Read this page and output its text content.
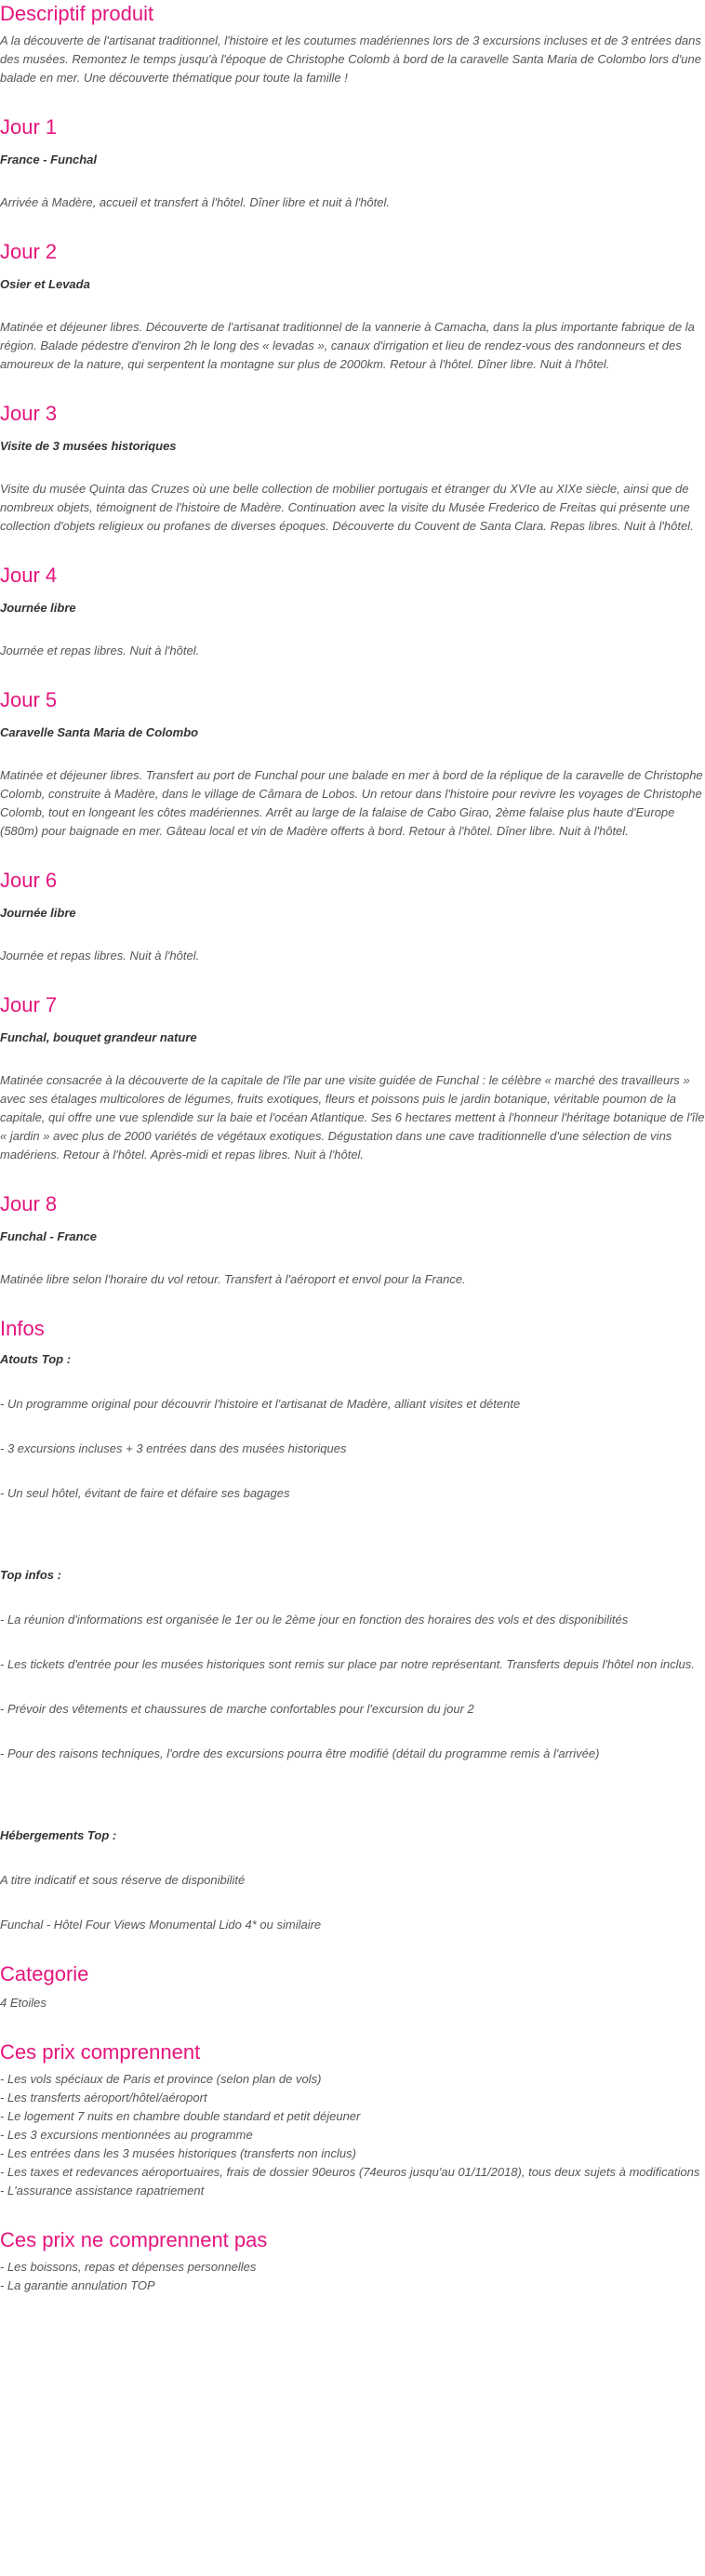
Descriptif produit

A la découverte de l'artisanat traditionnel, l'histoire et les coutumes madériennes lors de 3 excursions incluses et de 3 entrées dans des musées. Remontez le temps jusqu'à l'époque de Christophe Colomb à bord de la caravelle Santa Maria de Colombo lors d'une balade en mer. Une découverte thématique pour toute la famille !

Jour 1

France - Funchal

Arrivée à Madère, accueil et transfert à l'hôtel. Dîner libre et nuit à l'hôtel.

Jour 2

Osier et Levada

Matinée et déjeuner libres. Découverte de l'artisanat traditionnel de la vannerie à Camacha, dans la plus importante fabrique de la région. Balade pédestre d'environ 2h le long des « levadas », canaux d'irrigation et lieu de rendez-vous des randonneurs et des amoureux de la nature, qui serpentent la montagne sur plus de 2000km. Retour à l'hôtel. Dîner libre. Nuit à l'hôtel.

Jour 3

Visite de 3 musées historiques

Visite du musée Quinta das Cruzes où une belle collection de mobilier portugais et étranger du XVIe au XIXe siècle, ainsi que de nombreux objets, témoignent de l'histoire de Madère. Continuation avec la visite du Musée Frederico de Freitas qui présente une collection d'objets religieux ou profanes de diverses époques. Découverte du Couvent de Santa Clara. Repas libres. Nuit à l'hôtel.

Jour 4

Journée libre

Journée et repas libres. Nuit à l'hôtel.

Jour 5

Caravelle Santa Maria de Colombo

Matinée et déjeuner libres. Transfert au port de Funchal pour une balade en mer à bord de la réplique de la caravelle de Christophe Colomb, construite à Madère, dans le village de Câmara de Lobos. Un retour dans l'histoire pour revivre les voyages de Christophe Colomb, tout en longeant les côtes madériennes. Arrêt au large de la falaise de Cabo Girao, 2ème falaise plus haute d'Europe (580m) pour baignade en mer. Gâteau local et vin de Madère offerts à bord. Retour à l'hôtel. Dîner libre. Nuit à l'hôtel.

Jour 6

Journée libre

Journée et repas libres. Nuit à l'hôtel.

Jour 7

Funchal, bouquet grandeur nature

Matinée consacrée à la découverte de la capitale de l'île par une visite guidée de Funchal : le célèbre « marché des travailleurs » avec ses étalages multicolores de légumes, fruits exotiques, fleurs et poissons puis le jardin botanique, véritable poumon de la capitale, qui offre une vue splendide sur la baie et l'océan Atlantique. Ses 6 hectares mettent à l'honneur l'héritage botanique de l'île « jardin » avec plus de 2000 variétés de végétaux exotiques. Dégustation dans une cave traditionnelle d'une sélection de vins madériens. Retour à l'hôtel. Après-midi et repas libres. Nuit à l'hôtel.

Jour 8

Funchal - France

Matinée libre selon l'horaire du vol retour. Transfert à l'aéroport et envol pour la France.

Infos

Atouts Top :

- Un programme original pour découvrir l'histoire et l'artisanat de Madère, alliant visites et détente

- 3 excursions incluses + 3 entrées dans des musées historiques

- Un seul hôtel, évitant de faire et défaire ses bagages

Top infos :

- La réunion d'informations est organisée le 1er ou le 2ème jour en fonction des horaires des vols et des disponibilités

- Les tickets d'entrée pour les musées historiques sont remis sur place par notre représentant. Transferts depuis l'hôtel non inclus.

- Prévoir des vêtements et chaussures de marche confortables pour l'excursion du jour 2

- Pour des raisons techniques, l'ordre des excursions pourra être modifié (détail du programme remis à l'arrivée)

Hébergements Top :

A titre indicatif et sous réserve de disponibilité

Funchal - Hôtel Four Views Monumental Lido 4* ou similaire

Categorie

4 Etoiles

Ces prix comprennent

- Les vols spéciaux de Paris et province (selon plan de vols)

- Les transferts aéroport/hôtel/aéroport

- Le logement 7 nuits en chambre double standard et petit déjeuner

- Les 3 excursions mentionnées au programme

- Les entrées dans les 3 musées historiques (transferts non inclus)

- Les taxes et redevances aéroportuaires, frais de dossier 90euros (74euros jusqu'au 01/11/2018), tous deux sujets à modifications - L'assurance assistance rapatriement

Ces prix ne comprennent pas

- Les boissons, repas et dépenses personnelles

- La garantie annulation TOP
